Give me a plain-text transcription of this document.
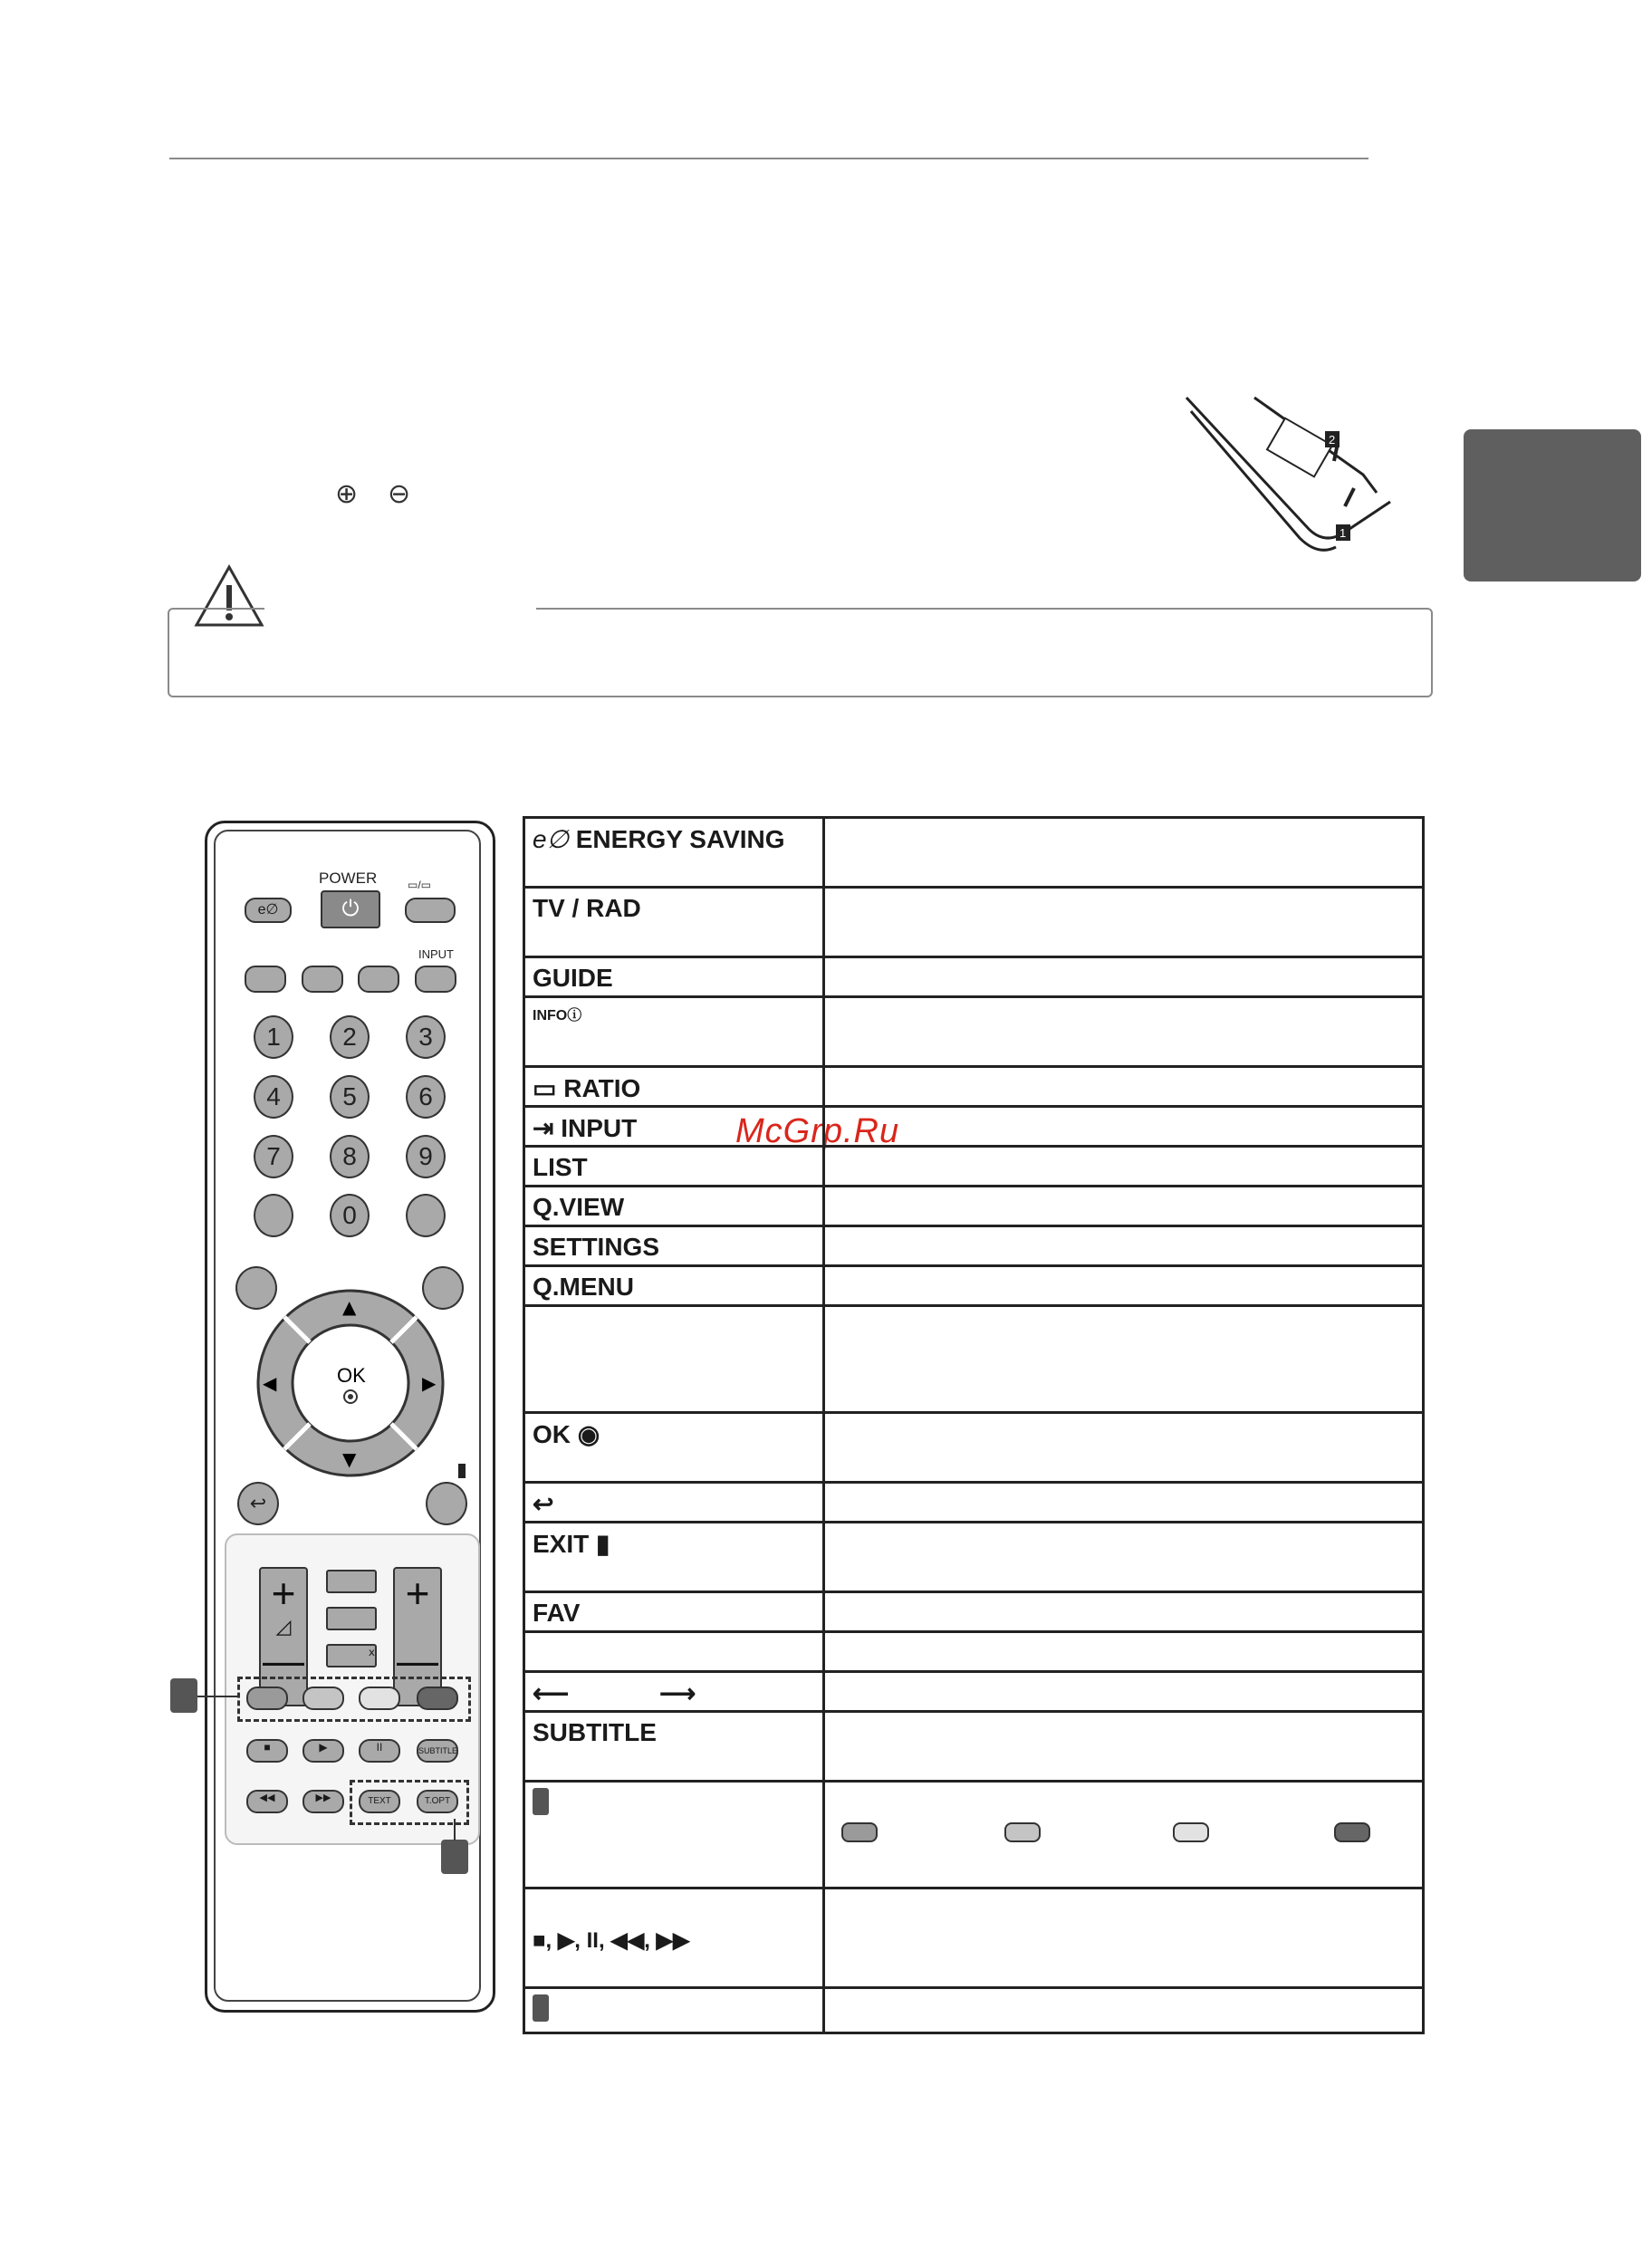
⊕ ⊖
1
2
McGrp.Ru
e∅
POWER
⏻
▭/▭
INPUT
1	2	3
4	5	6
7	8	9
0
▲
▼
◀	▶
OK
↩
+
◿
—	ⅹ
+
—
■	▶	II	SUBTITLE
◀◀	▶▶	TEXT	T.OPT
e∅ ENERGY SAVING	
TV / RAD	
GUIDE	
INFOⓘ	
▭ RATIO	
⇥ INPUT	
LIST	
Q.VIEW	
SETTINGS	
Q.MENU	

OK ◉	
↩	
EXIT ▮	
FAV	

⟵ ⟶	
SUBTITLE	

■, ▶, II, ◀◀, ▶▶	
